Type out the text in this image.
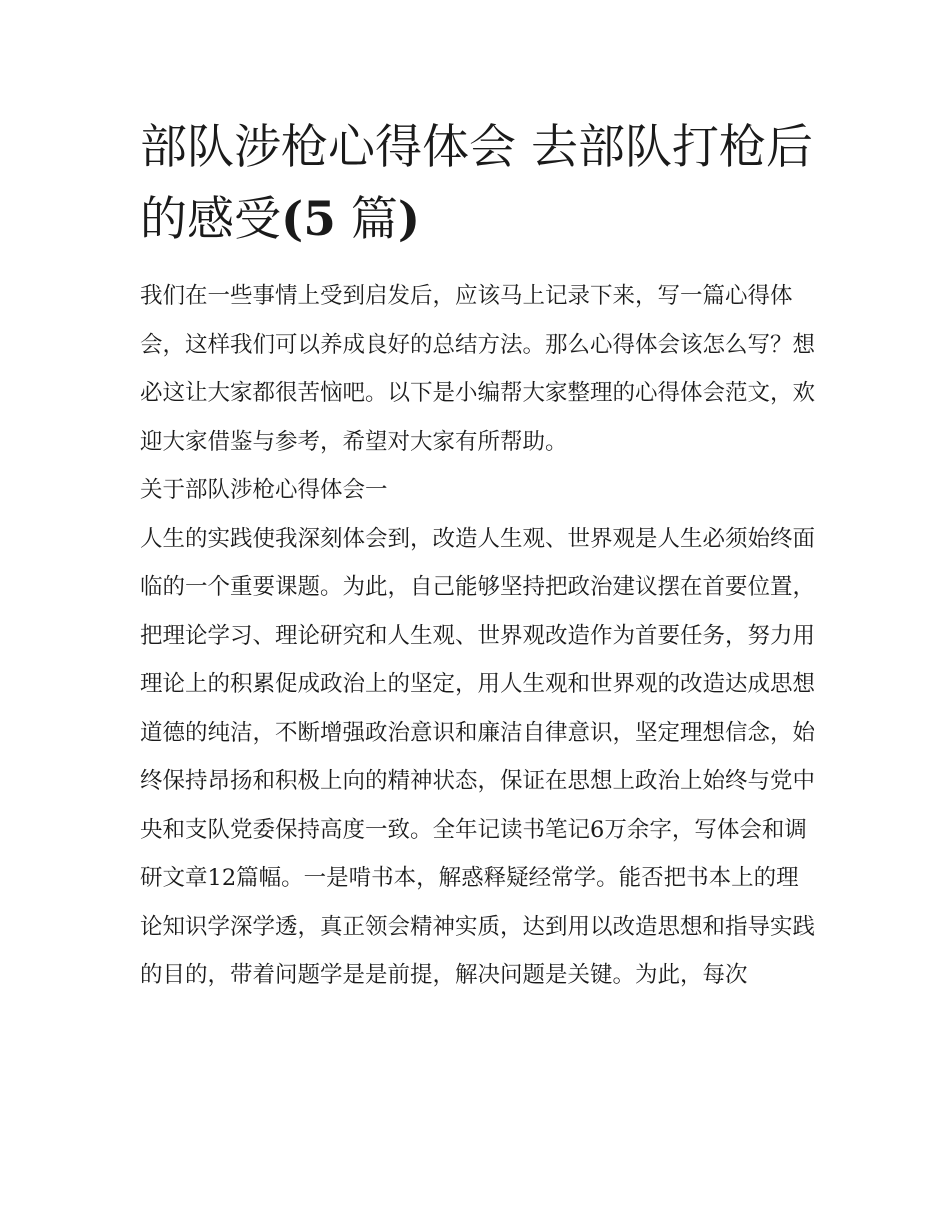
部队涉枪心得体会 去部队打枪后的感受(5 篇)

我们在一些事情上受到启发后，应该马上记录下来，写一篇心得体会，这样我们可以养成良好的总结方法。那么心得体会该怎么写？想必这让大家都很苦恼吧。以下是小编帮大家整理的心得体会范文，欢迎大家借鉴与参考，希望对大家有所帮助。

关于部队涉枪心得体会一

人生的实践使我深刻体会到，改造人生观、世界观是人生必须始终面临的一个重要课题。为此，自己能够坚持把政治建议摆在首要位置，把理论学习、理论研究和人生观、世界观改造作为首要任务，努力用理论上的积累促成政治上的坚定，用人生观和世界观的改造达成思想道德的纯洁，不断增强政治意识和廉洁自律意识，坚定理想信念，始终保持昂扬和积极上向的精神状态，保证在思想上政治上始终与党中央和支队党委保持高度一致。全年记读书笔记6万余字，写体会和调研文章12篇幅。一是啃书本，解惑释疑经常学。能否把书本上的理论知识学深学透，真正领会精神实质，达到用以改造思想和指导实践的目的，带着问题学是是前提，解决问题是关键。为此，每次
